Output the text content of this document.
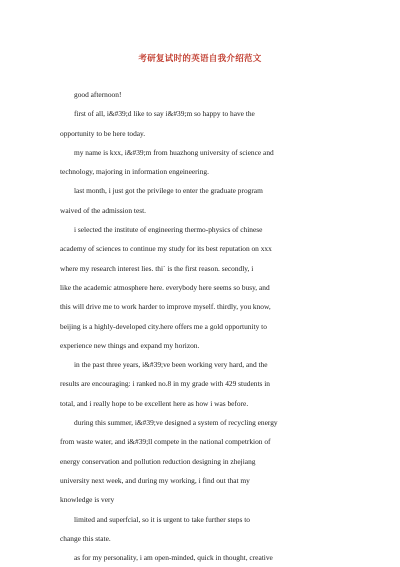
考研复试时的英语自我介绍范文

good afternoon!

first of all, i&#39;d like to say i&#39;m so happy to have the
opportunity to be here today.

my name is kxx, i&#39;m from huazhong university of science and
technology, majoring in information engeineering.

last month, i just got the privilege to enter the graduate program
waived of the admission test.

i selected the institute of engineering thermo-physics of chinese
academy of sciences to continue my study for its best reputation on xxx
where my research interest lies. thi` is the first reason. secondly, i
like the academic atmosphere here. everybody here seems so busy, and
this will drive me to work harder to improve myself. thirdly, you know,
beijing is a highly-developed city.here offers me a gold opportunity to
experience new things and expand my horizon.

in the past three years, i&#39;ve been working very hard, and the
results are encouraging: i ranked no.8 in my grade with 429 students in
total, and i really hope to be excellent here as how i was before.

during this summer, i&#39;ve designed a system of recycling energy
from waste water, and i&#39;ll compete in the national competrkion of
energy conservation and pollution reduction designing in zhejiang
university next week, and during my working, i find out that my
knowledge is very

limited and superfcial, so it is urgent to take further steps to
change this state.

as for my personality, i am open-minded, quick in thought, creative
